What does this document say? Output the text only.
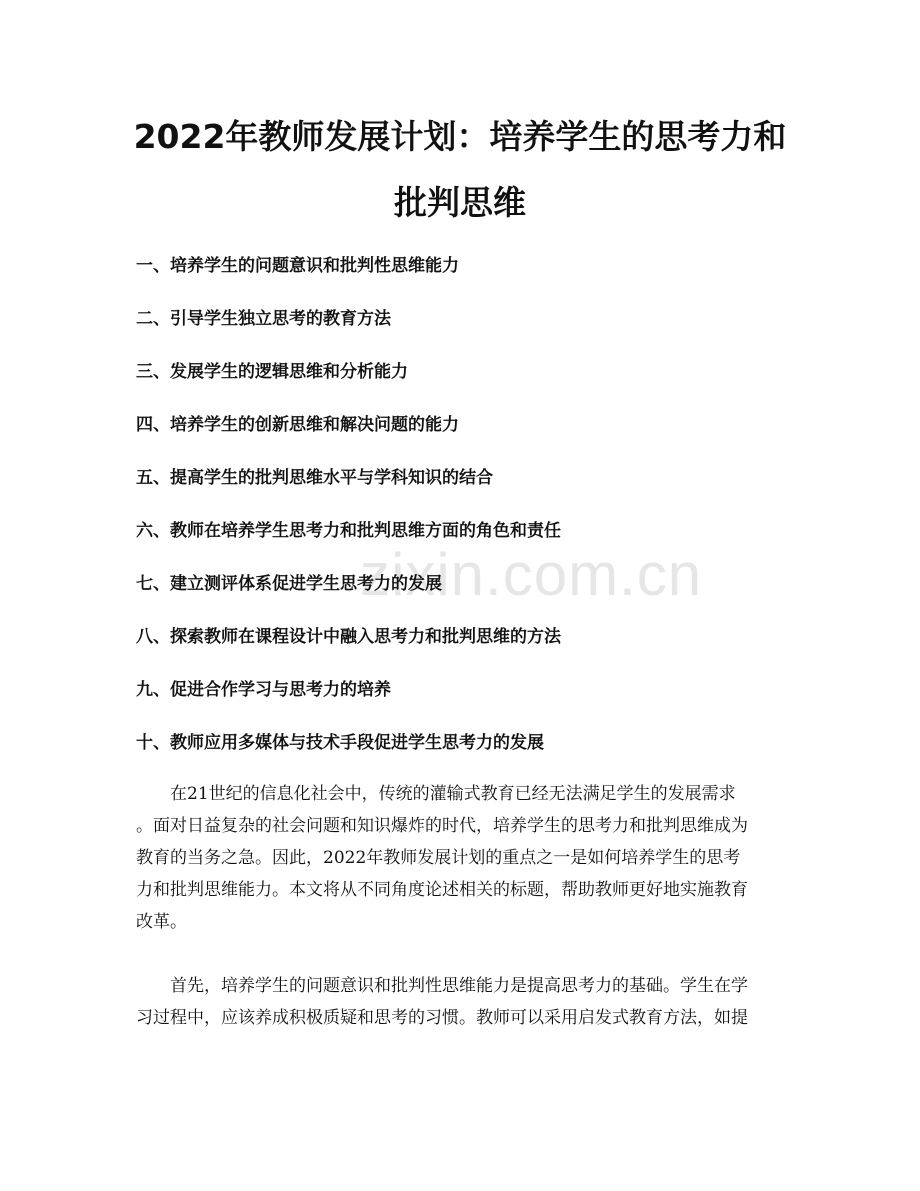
zixin.com.cn
2022年教师发展计划：培养学生的思考力和
批判思维
一、培养学生的问题意识和批判性思维能力
二、引导学生独立思考的教育方法
三、发展学生的逻辑思维和分析能力
四、培养学生的创新思维和解决问题的能力
五、提高学生的批判思维水平与学科知识的结合
六、教师在培养学生思考力和批判思维方面的角色和责任
七、建立测评体系促进学生思考力的发展
八、探索教师在课程设计中融入思考力和批判思维的方法
九、促进合作学习与思考力的培养
十、教师应用多媒体与技术手段促进学生思考力的发展

在21世纪的信息化社会中，传统的灌输式教育已经无法满足学生的发展需求
。面对日益复杂的社会问题和知识爆炸的时代，培养学生的思考力和批判思维成为
教育的当务之急。因此，2022年教师发展计划的重点之一是如何培养学生的思考
力和批判思维能力。本文将从不同角度论述相关的标题，帮助教师更好地实施教育
改革。

首先，培养学生的问题意识和批判性思维能力是提高思考力的基础。学生在学
习过程中，应该养成积极质疑和思考的习惯。教师可以采用启发式教育方法，如提
